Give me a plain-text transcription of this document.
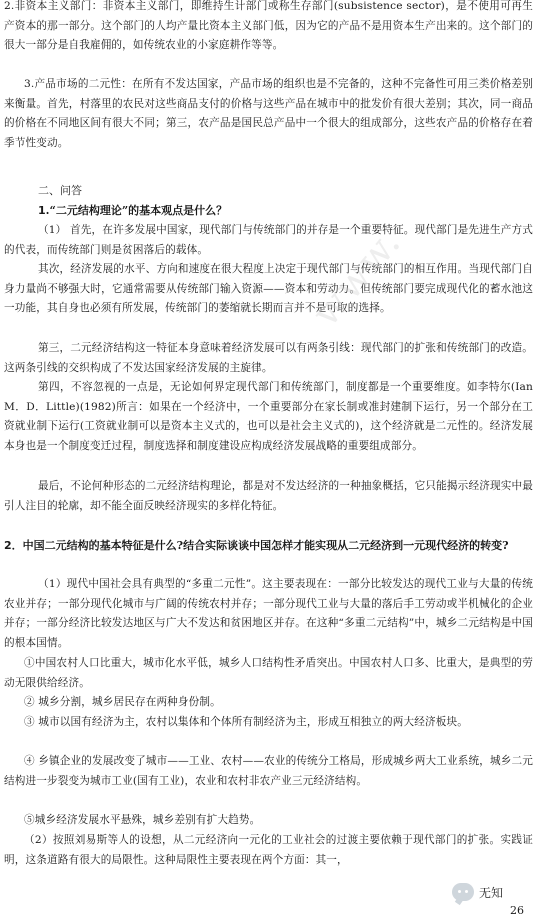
2.非资本主义部门：非资本主义部门，即维持生计部门或称生存部门(subsistence sector)，是不使用可再生产资本的那一部分。这个部门的人均产量比资本主义部门低，因为它的产品不是用资本生产出来的。这个部门的很大一部分是自我雇佣的，如传统农业的小家庭耕作等等。

3.产品市场的二元性：在所有不发达国家，产品市场的组织也是不完备的，这种不完备性可用三类价格差别来衡量。首先，村落里的农民对这些商品支付的价格与这些产品在城市中的批发价有很大差别；其次，同一商品的价格在不同地区间有很大不同；第三，农产品是国民总产品中一个很大的组成部分，这些农产品的价格存在着季节性变动。

二、问答
1.“二元结构理论”的基本观点是什么？

（1） 首先，在许多发展中国家，现代部门与传统部门的并存是一个重要特征。现代部门是先进生产方式的代表，而传统部门则是贫困落后的载体。

其次，经济发展的水平、方向和速度在很大程度上决定于现代部门与传统部门的相互作用。当现代部门自身力量尚不够强大时，它通常需要从传统部门输入资源——资本和劳动力。但传统部门要完成现代化的蓄水池这一功能，其自身也必须有所发展，传统部门的萎缩就长期而言并不是可取的选择。

第三，二元经济结构这一特征本身意味着经济发展可以有两条引线：现代部门的扩张和传统部门的改造。这两条引线的交织构成了不发达国家经济发展的主旋律。

第四，不容忽视的一点是，无论如何界定现代部门和传统部门，制度都是一个重要维度。如李特尔(Ian M．D．Little)(1982)所言：如果在一个经济中，一个重要部分在家长制或准封建制下运行，另一个部分在工资就业制下运行(工资就业制可以是资本主义式的，也可以是社会主义式的)，这个经济就是二元性的。经济发展本身也是一个制度变迁过程，制度选择和制度建设应构成经济发展战略的重要组成部分。

最后，不论何种形态的二元经济结构理论，都是对不发达经济的一种抽象概括，它只能揭示经济现实中最引人注目的轮廓，却不能全面反映经济现实的多样化特征。

2．中国二元结构的基本特征是什么?结合实际谈谈中国怎样才能实现从二元经济到一元现代经济的转变?

（1）现代中国社会具有典型的“多重二元性”。这主要表现在：一部分比较发达的现代工业与大量的传统农业并存；一部分现代化城市与广阔的传统农村并存；一部分现代工业与大量的落后手工劳动或半机械化的企业并存；一部分经济比较发达地区与广大不发达和贫困地区并存。在这种“多重二元结构”中，城乡二元结构是中国的根本国情。

①中国农村人口比重大，城市化水平低，城乡人口结构性矛盾突出。中国农村人口多、比重大，是典型的劳动无限供给经济。

② 城乡分割，城乡居民存在两种身份制。

③ 城市以国有经济为主，农村以集体和个体所有制经济为主，形成互相独立的两大经济板块。

④ 乡镇企业的发展改变了城市——工业、农村——农业的传统分工格局，形成城乡两大工业系统，城乡二元结构进一步裂变为城市工业(国有工业)，农业和农村非农产业三元经济结构。

⑤城乡经济发展水平悬殊，城乡差别有扩大趋势。

（2）按照刘易斯等人的设想，从二元经济向一元化的工业社会的过渡主要依赖于现代部门的扩张。实践证明，这条道路有很大的局限性。这种局限性主要表现在两个方面：其一，

www.
无知
26
